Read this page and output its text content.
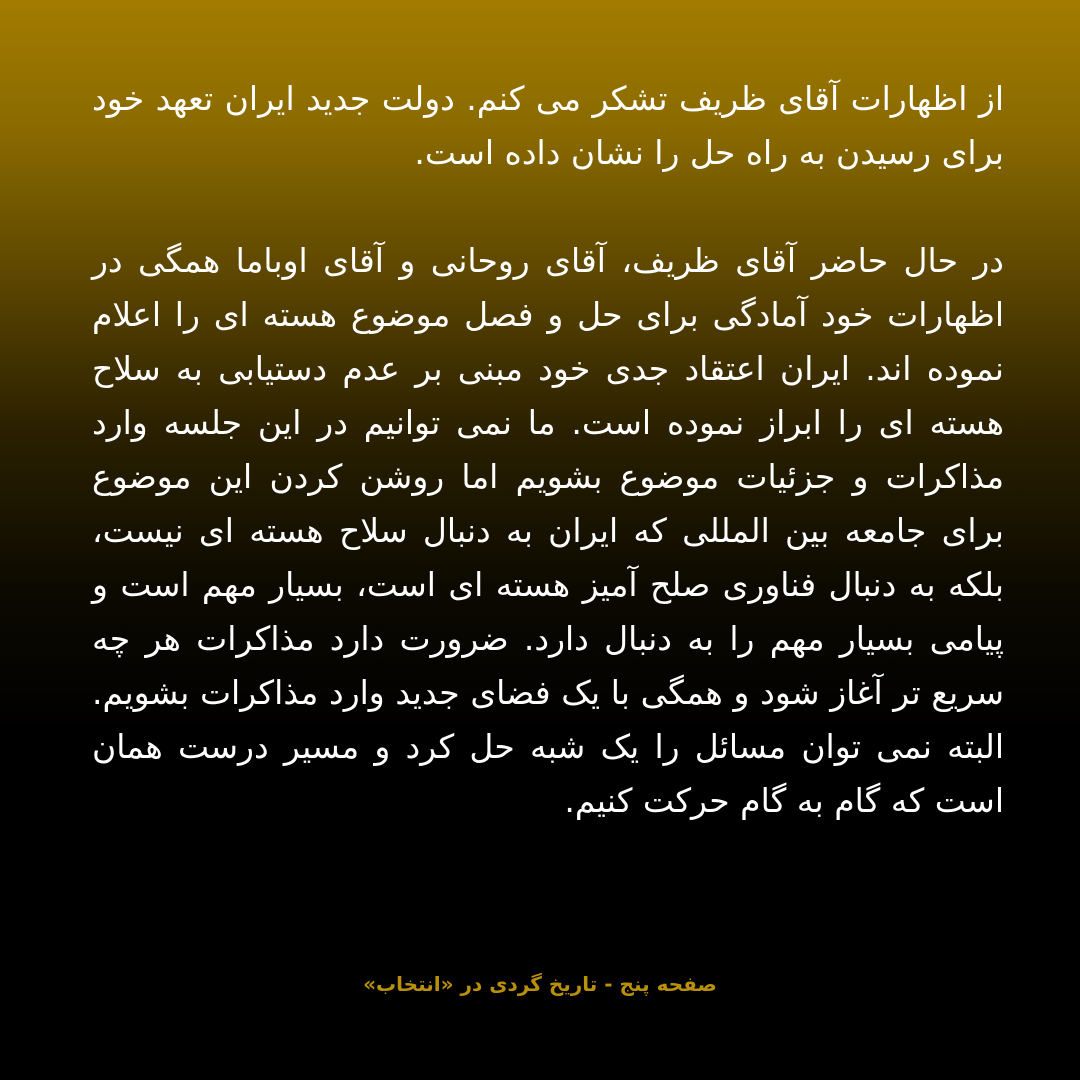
از اظهارات آقای ظریف تشکر می کنم. دولت جدید ایران تعهد خود برای رسیدن به راه حل را نشان داده است.

در حال حاضر آقای ظریف، آقای روحانی و آقای اوباما همگی در اظهارات خود آمادگی برای حل و فصل موضوع هسته ای را اعلام نموده اند. ایران اعتقاد جدی خود مبنی بر عدم دستیابی به سلاح هسته ای را ابراز نموده است. ما نمی توانیم در این جلسه وارد مذاکرات و جزئیات موضوع بشویم اما روشن کردن این موضوع برای جامعه بین المللی که ایران به دنبال سلاح هسته ای نیست، بلکه به دنبال فناوری صلح آمیز هسته ای است، بسیار مهم است و پیامی بسیار مهم را به دنبال دارد. ضرورت دارد مذاکرات هر چه سریع تر آغاز شود و همگی با یک فضای جدید وارد مذاکرات بشویم. البته نمی توان مسائل را یک شبه حل کرد و مسیر درست همان است که گام به گام حرکت کنیم.

صفحه پنج - تاریخ گردی در «انتخاب»
